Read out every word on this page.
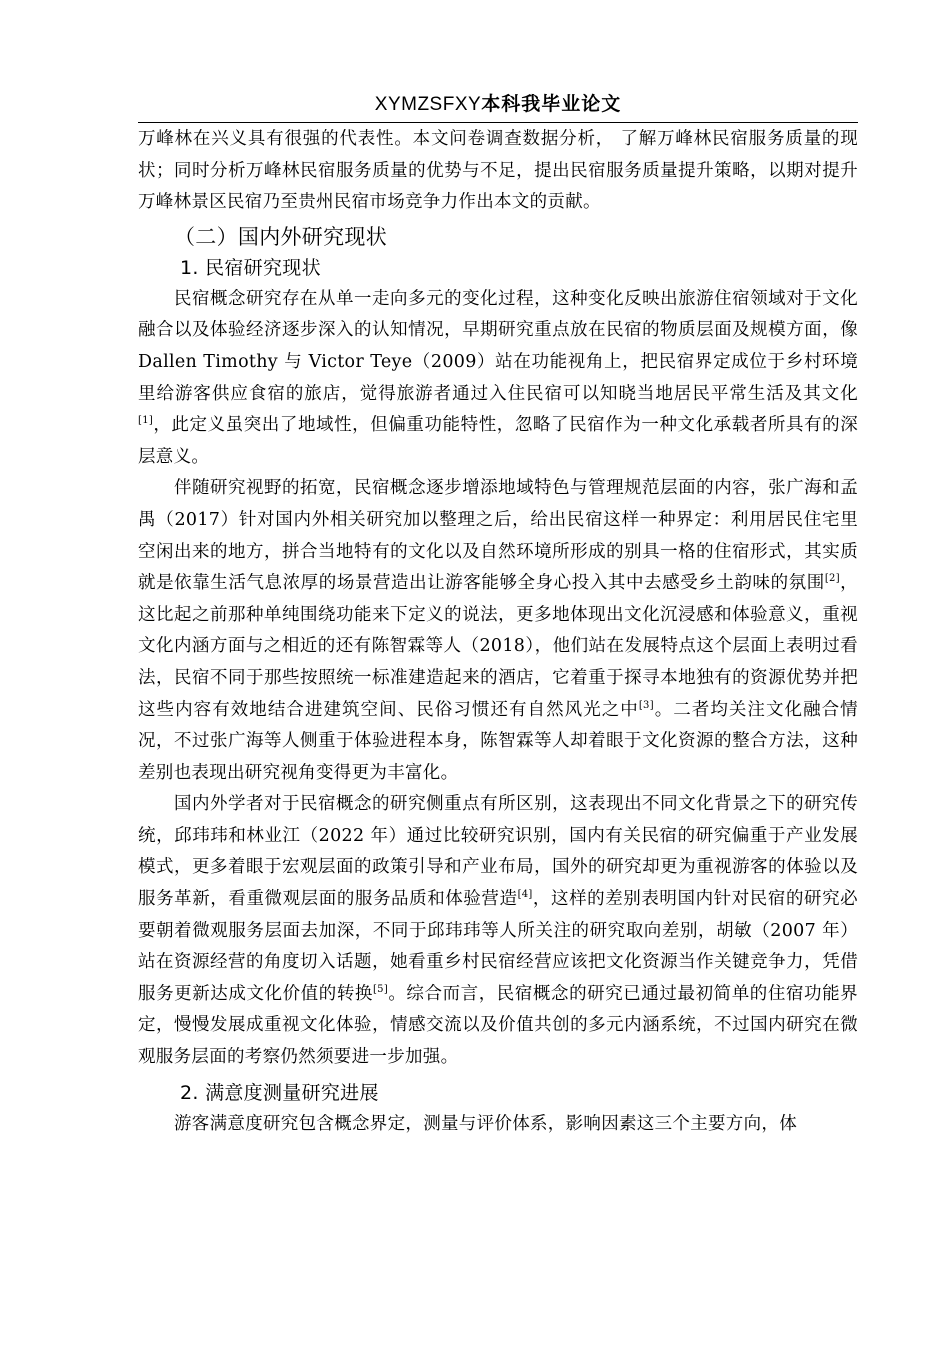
XYMZSFXY本科我毕业论文

万峰林在兴义具有很强的代表性。本文问卷调查数据分析， 了解万峰林民宿服务质量的现状；同时分析万峰林民宿服务质量的优势与不足，提出民宿服务质量提升策略，以期对提升万峰林景区民宿乃至贵州民宿市场竞争力作出本文的贡献。

（二）国内外研究现状
1. 民宿研究现状

民宿概念研究存在从单一走向多元的变化过程，这种变化反映出旅游住宿领域对于文化融合以及体验经济逐步深入的认知情况，早期研究重点放在民宿的物质层面及规模方面，像 Dallen Timothy 与 Victor Teye（2009）站在功能视角上，把民宿界定成位于乡村环境里给游客供应食宿的旅店，觉得旅游者通过入住民宿可以知晓当地居民平常生活及其文化[1]，此定义虽突出了地域性，但偏重功能特性，忽略了民宿作为一种文化承载者所具有的深层意义。

伴随研究视野的拓宽，民宿概念逐步增添地域特色与管理规范层面的内容，张广海和孟禺（2017）针对国内外相关研究加以整理之后，给出民宿这样一种界定：利用居民住宅里空闲出来的地方，拼合当地特有的文化以及自然环境所形成的别具一格的住宿形式，其实质就是依靠生活气息浓厚的场景营造出让游客能够全身心投入其中去感受乡土韵味的氛围[2]，这比起之前那种单纯围绕功能来下定义的说法，更多地体现出文化沉浸感和体验意义，重视文化内涵方面与之相近的还有陈智霖等人（2018），他们站在发展特点这个层面上表明过看法，民宿不同于那些按照统一标准建造起来的酒店，它着重于探寻本地独有的资源优势并把这些内容有效地结合进建筑空间、民俗习惯还有自然风光之中[3]。二者均关注文化融合情况，不过张广海等人侧重于体验进程本身，陈智霖等人却着眼于文化资源的整合方法，这种差别也表现出研究视角变得更为丰富化。

国内外学者对于民宿概念的研究侧重点有所区别，这表现出不同文化背景之下的研究传统，邱玮玮和林业江（2022 年）通过比较研究识别，国内有关民宿的研究偏重于产业发展模式，更多着眼于宏观层面的政策引导和产业布局，国外的研究却更为重视游客的体验以及服务革新，看重微观层面的服务品质和体验营造[4]，这样的差别表明国内针对民宿的研究必要朝着微观服务层面去加深，不同于邱玮玮等人所关注的研究取向差别，胡敏（2007 年）站在资源经营的角度切入话题，她看重乡村民宿经营应该把文化资源当作关键竞争力，凭借服务更新达成文化价值的转换[5]。综合而言，民宿概念的研究已通过最初简单的住宿功能界定，慢慢发展成重视文化体验，情感交流以及价值共创的多元内涵系统，不过国内研究在微观服务层面的考察仍然须要进一步加强。

2. 满意度测量研究进展

游客满意度研究包含概念界定，测量与评价体系，影响因素这三个主要方向，体
